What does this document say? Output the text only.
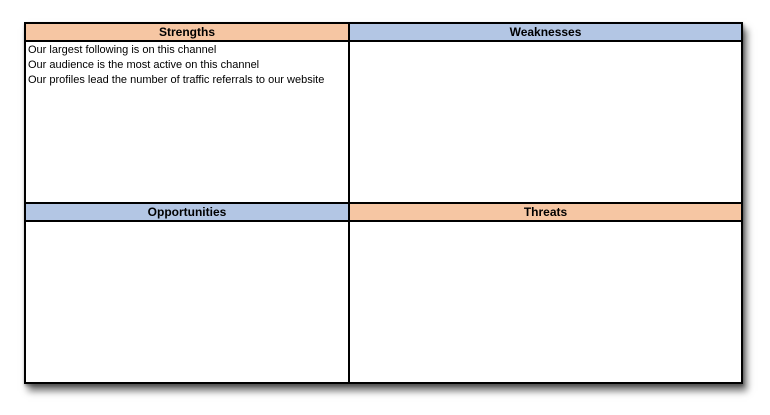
Strengths
Our largest following is on this channel
Our audience is the most active on this channel
Our profiles lead the number of traffic referrals to our website
Weaknesses
Opportunities	Threats
